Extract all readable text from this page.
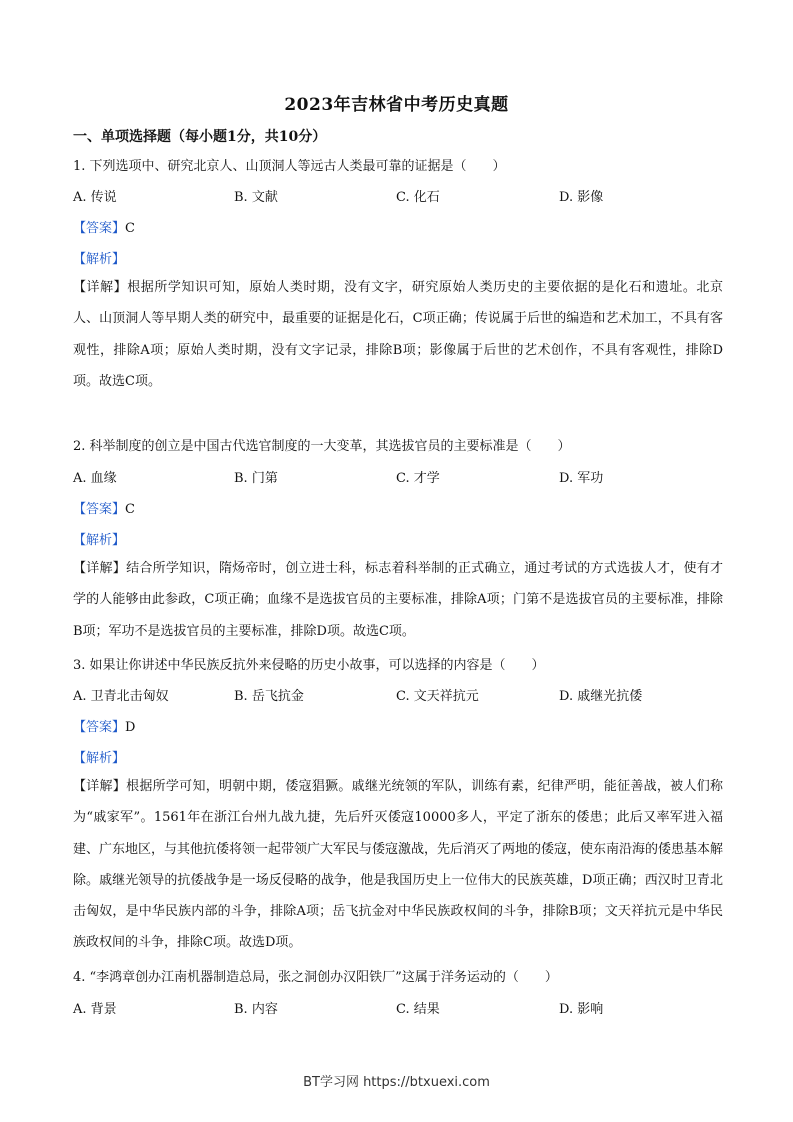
2023年吉林省中考历史真题
一、单项选择题（每小题1分，共10分）
1. 下列选项中、研究北京人、山顶洞人等远古人类最可靠的证据是（　　）
A. 传说	B. 文献	C. 化石	D. 影像
【答案】C
【解析】
【详解】根据所学知识可知，原始人类时期，没有文字，研究原始人类历史的主要依据的是化石和遗址。北京人、山顶洞人等早期人类的研究中，最重要的证据是化石，C项正确；传说属于后世的编造和艺术加工，不具有客观性，排除A项；原始人类时期，没有文字记录，排除B项；影像属于后世的艺术创作，不具有客观性，排除D项。故选C项。
2. 科举制度的创立是中国古代选官制度的一大变革，其选拔官员的主要标准是（　　）
A. 血缘	B. 门第	C. 才学	D. 军功
【答案】C
【解析】
【详解】结合所学知识，隋炀帝时，创立进士科，标志着科举制的正式确立，通过考试的方式选拔人才，使有才学的人能够由此参政，C项正确；血缘不是选拔官员的主要标准，排除A项；门第不是选拔官员的主要标准，排除B项；军功不是选拔官员的主要标准，排除D项。故选C项。
3. 如果让你讲述中华民族反抗外来侵略的历史小故事，可以选择的内容是（　　）
A. 卫青北击匈奴	B. 岳飞抗金	C. 文天祥抗元	D. 戚继光抗倭
【答案】D
【解析】
【详解】根据所学可知，明朝中期，倭寇猖獗。戚继光统领的军队，训练有素，纪律严明，能征善战，被人们称为“戚家军”。1561年在浙江台州九战九捷，先后歼灭倭寇10000多人，平定了浙东的倭患；此后又率军进入福建、广东地区，与其他抗倭将领一起带领广大军民与倭寇激战，先后消灭了两地的倭寇，使东南沿海的倭患基本解除。戚继光领导的抗倭战争是一场反侵略的战争，他是我国历史上一位伟大的民族英雄，D项正确；西汉时卫青北击匈奴，是中华民族内部的斗争，排除A项；岳飞抗金对中华民族政权间的斗争，排除B项；文天祥抗元是中华民族政权间的斗争，排除C项。故选D项。
4. “李鸿章创办江南机器制造总局，张之洞创办汉阳铁厂”这属于洋务运动的（　　）
A. 背景	B. 内容	C. 结果	D. 影响
BT学习网 https://btxuexi.com
